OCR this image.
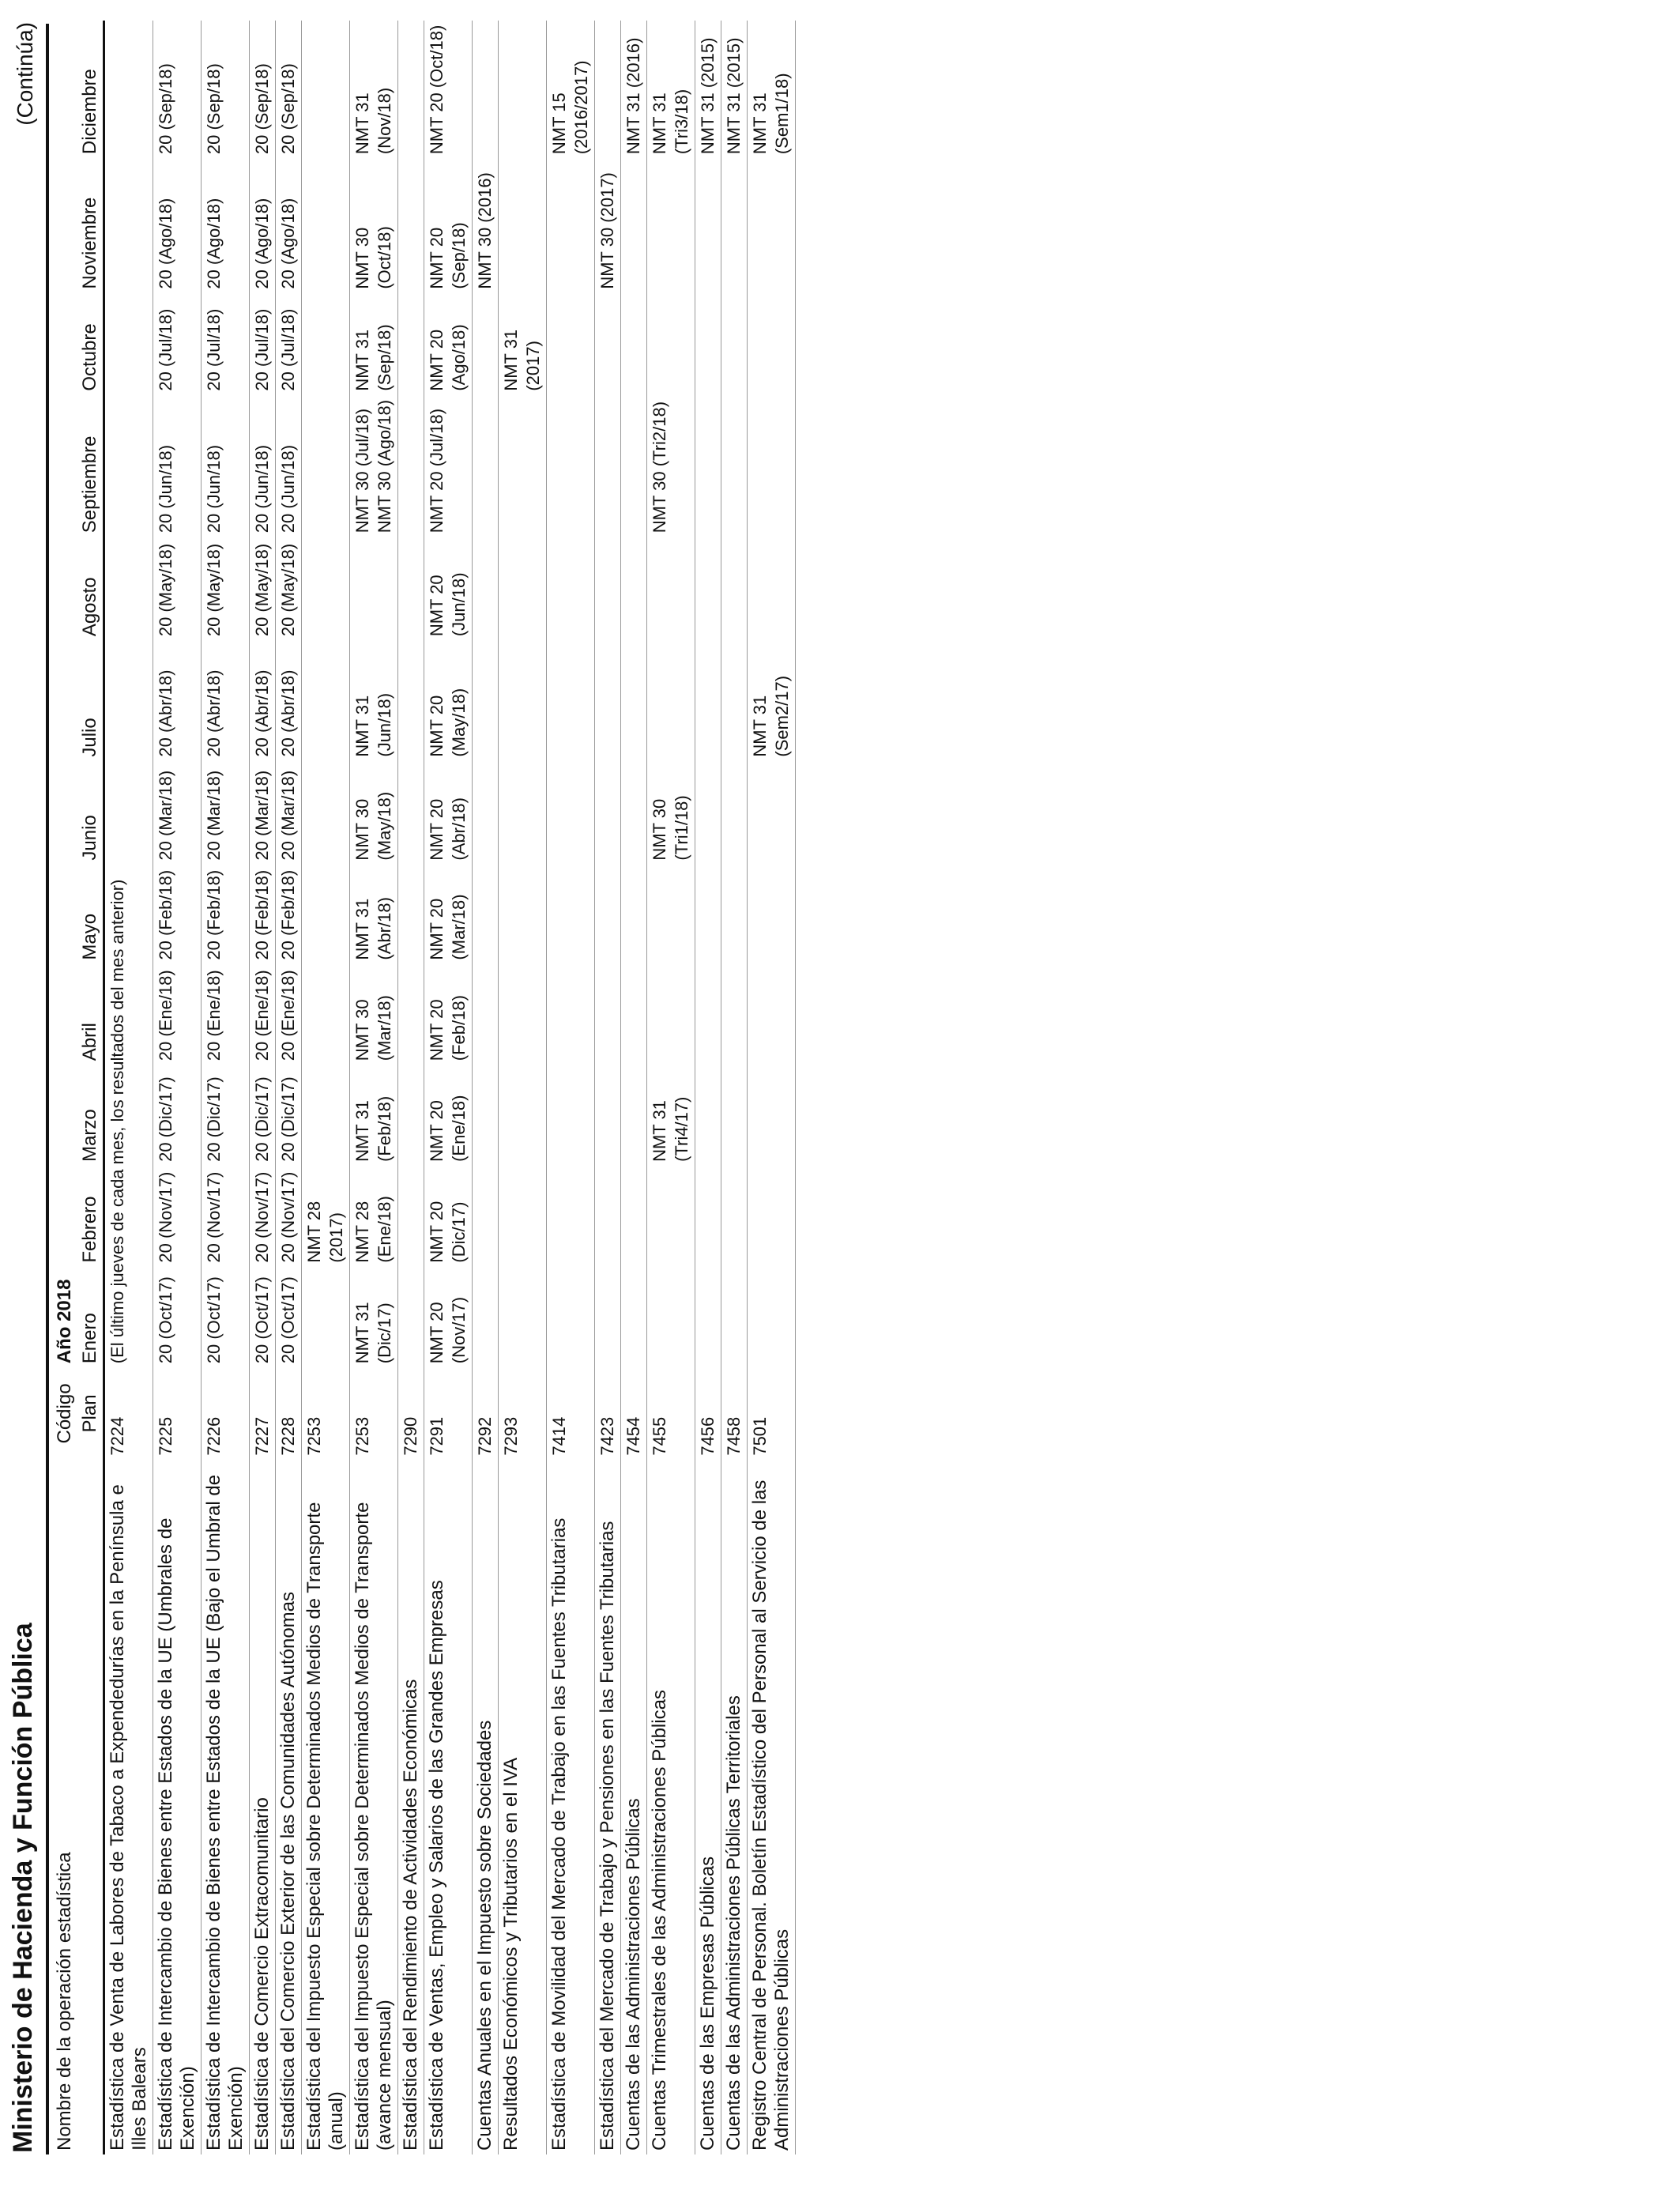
Ministerio de Hacienda y Función Pública
(Continúa)
Nombre de la operación estadística	Código	Año 2018											
	Plan	Enero	Febrero	Marzo	Abril	Mayo	Junio	Julio	Agosto	Septiembre	Octubre	Noviembre	Diciembre
Estadística de Venta de Labores de Tabaco a Expendedurías en la Península e Illes Balears	7224	(El último jueves de cada mes, los resultados del mes anterior)											
Estadística de Intercambio de Bienes entre Estados de la UE (Umbrales de Exención)	7225	20 (Oct/17)	20 (Nov/17)	20 (Dic/17)	20 (Ene/18)	20 (Feb/18)	20 (Mar/18)	20 (Abr/18)	20 (May/18)	20 (Jun/18)	20 (Jul/18)	20 (Ago/18)	20 (Sep/18)
Estadística de Intercambio de Bienes entre Estados de la UE (Bajo el Umbral de Exención)	7226	20 (Oct/17)	20 (Nov/17)	20 (Dic/17)	20 (Ene/18)	20 (Feb/18)	20 (Mar/18)	20 (Abr/18)	20 (May/18)	20 (Jun/18)	20 (Jul/18)	20 (Ago/18)	20 (Sep/18)
Estadística de Comercio Extracomunitario	7227	20 (Oct/17)	20 (Nov/17)	20 (Dic/17)	20 (Ene/18)	20 (Feb/18)	20 (Mar/18)	20 (Abr/18)	20 (May/18)	20 (Jun/18)	20 (Jul/18)	20 (Ago/18)	20 (Sep/18)
Estadística del Comercio Exterior de las Comunidades Autónomas	7228	20 (Oct/17)	20 (Nov/17)	20 (Dic/17)	20 (Ene/18)	20 (Feb/18)	20 (Mar/18)	20 (Abr/18)	20 (May/18)	20 (Jun/18)	20 (Jul/18)	20 (Ago/18)	20 (Sep/18)
Estadística del Impuesto Especial sobre Determinados Medios de Transporte (anual)	7253		NMT 28 (2017)										
Estadística del Impuesto Especial sobre Determinados Medios de Transporte (avance mensual)	7253	NMT 31 (Dic/17)	NMT 28 (Ene/18)	NMT 31 (Feb/18)	NMT 30 (Mar/18)	NMT 31 (Abr/18)	NMT 30 (May/18)	NMT 31 (Jun/18)		NMT 30 (Jul/18) NMT 30 (Ago/18)	NMT 31 (Sep/18)	NMT 30 (Oct/18)	NMT 31 (Nov/18)
Estadística del Rendimiento de Actividades Económicas	7290												
Estadística de Ventas, Empleo y Salarios de las Grandes Empresas	7291	NMT 20 (Nov/17)	NMT 20 (Dic/17)	NMT 20 (Ene/18)	NMT 20 (Feb/18)	NMT 20 (Mar/18)	NMT 20 (Abr/18)	NMT 20 (May/18)	NMT 20 (Jun/18)	NMT 20 (Jul/18)	NMT 20 (Ago/18)	NMT 20 (Sep/18)	NMT 20 (Oct/18)
Cuentas Anuales en el Impuesto sobre Sociedades	7292											NMT 30 (2016)	
Resultados Económicos y Tributarios en el IVA	7293										NMT 31 (2017)		
Estadística de Movilidad del Mercado de Trabajo en las Fuentes Tributarias	7414												NMT 15 (2016/2017)
Estadística del Mercado de Trabajo y Pensiones en las Fuentes Tributarias	7423											NMT 30 (2017)	
Cuentas de las Administraciones Públicas	7454												NMT 31 (2016)
Cuentas Trimestrales de las Administraciones Públicas	7455			NMT 31 (Tri4/17)			NMT 30 (Tri1/18)			NMT 30 (Tri2/18)			NMT 31 (Tri3/18)
Cuentas de las Empresas Públicas	7456												NMT 31 (2015)
Cuentas de las Administraciones Públicas Territoriales	7458												NMT 31 (2015)
Registro Central de Personal. Boletín Estadístico del Personal al Servicio de las Administraciones Públicas	7501							NMT 31 (Sem2/17)					NMT 31 (Sem1/18)
